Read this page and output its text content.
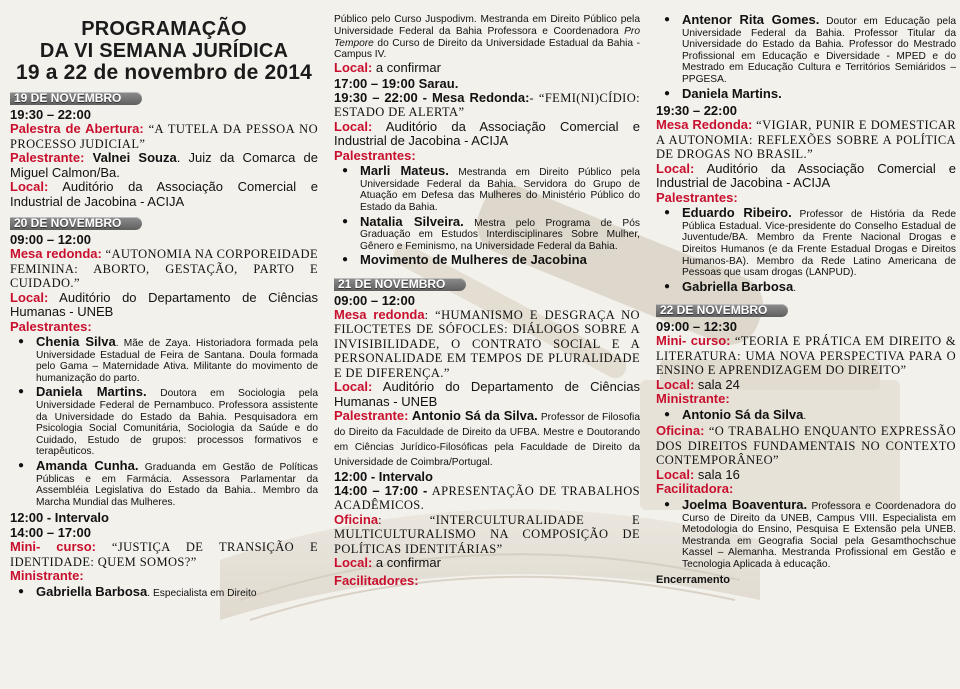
PROGRAMAÇÃO
DA VI SEMANA JURÍDICA
19 a 22 de novembro de 2014
19 DE NOVEMBRO
19:30 – 22:00

Palestra de Abertura: “A TUTELA DA PESSOA NO PROCESSO JUDICIAL”

Palestrante: Valnei Souza. Juiz da Comarca de Miguel Calmon/Ba.

Local: Auditório da Associação Comercial e Industrial de Jacobina - ACIJA

20 DE NOVEMBRO
09:00 – 12:00

Mesa redonda: “AUTONOMIA NA CORPOREIDADE FEMININA: ABORTO, GESTAÇÃO, PARTO E CUIDADO.”

Local: Auditório do Departamento de Ciências Humanas - UNEB

Palestrantes:
● Chenia Silva. Mãe de Zaya. Historiadora formada pela Universidade Estadual de Feira de Santana. Doula formada pelo Gama – Maternidade Ativa. Militante do movimento de humanização do parto.
● Daniela Martins. Doutora em Sociologia pela Universidade Federal de Pernambuco. Professora assistente da Universidade do Estado da Bahia. Pesquisadora em Psicologia Social Comunitária, Sociologia da Saúde e do Cuidado, Estudo de grupos: processos formativos e terapêuticos.
● Amanda Cunha. Graduanda em Gestão de Políticas Públicas e em Farmácia. Assessora Parlamentar da Assembléia Legislativa do Estado da Bahia.. Membro da Marcha Mundial das Mulheres.
12:00 - Intervalo
14:00 – 17:00

Mini- curso: “JUSTIÇA DE TRANSIÇÃO E IDENTIDADE: QUEM SOMOS?”

Ministrante:
● Gabriella Barbosa. Especialista em Direito

Público pelo Curso Juspodivm. Mestranda em Direito Público pela Universidade Federal da Bahia Professora e Coordenadora Pro Tempore do Curso de Direito da Universidade Estadual da Bahia - Campus IV.

Local: a confirmar

17:00 – 19:00 Sarau.

19:30 – 22:00 - Mesa Redonda:- “FEMI(NI)CÍDIO: ESTADO DE ALERTA”

Local: Auditório da Associação Comercial e Industrial de Jacobina - ACIJA

Palestrantes:
● Marli Mateus. Mestranda em Direito Público pela Universidade Federal da Bahia. Servidora do Grupo de Atuação em Defesa das Mulheres do Ministério Público do Estado da Bahia.
● Natalia Silveira. Mestra pelo Programa de Pós Graduação em Estudos Interdisciplinares Sobre Mulher, Gênero e Feminismo, na Universidade Federal da Bahia.
● Movimento de Mulheres de Jacobina
21 DE NOVEMBRO
09:00 – 12:00

Mesa redonda: “HUMANISMO E DESGRAÇA NO FILOCTETES DE SÓFOCLES: DIÁLOGOS SOBRE A INVISIBILIDADE, O CONTRATO SOCIAL E A PERSONALIDADE EM TEMPOS DE PLURALIDADE E DE DIFERENÇA.”

Local: Auditório do Departamento de Ciências Humanas - UNEB

Palestrante: Antonio Sá da Silva. Professor de Filosofia do Direito da Faculdade de Direito da UFBA. Mestre e Doutorando em Ciências Jurídico-Filosóficas pela Faculdade de Direito da Universidade de Coimbra/Portugal.

12:00 - Intervalo

14:00 – 17:00 - APRESENTAÇÃO DE TRABALHOS ACADÊMICOS.

Oficina: “INTERCULTURALIDADE E MULTICULTURALISMO NA COMPOSIÇÃO DE POLÍTICAS IDENTITÁRIAS”

Local: a confirmar

Facilitadores:
● Antenor Rita Gomes. Doutor em Educação pela Universidade Federal da Bahia. Professor Titular da Universidade do Estado da Bahia. Professor do Mestrado Profissional em Educação e Diversidade - MPED e do Mestrado em Educação Cultura e Territórios Semiáridos – PPGESA.
● Daniela Martins.
19:30 – 22:00

Mesa Redonda: “VIGIAR, PUNIR E DOMESTICAR A AUTONOMIA: REFLEXÕES SOBRE A POLÍTICA DE DROGAS NO BRASIL.”

Local: Auditório da Associação Comercial e Industrial de Jacobina - ACIJA

Palestrantes:
● Eduardo Ribeiro. Professor de História da Rede Pública Estadual. Vice-presidente do Conselho Estadual de Juventude/BA. Membro da Frente Nacional Drogas e Direitos Humanos (e da Frente Estadual Drogas e Direitos Humanos-BA). Membro da Rede Latino Americana de Pessoas que usam drogas (LANPUD).
● Gabriella Barbosa.
22 DE NOVEMBRO
09:00 – 12:30

Mini- curso: “TEORIA E PRÁTICA EM DIREITO & LITERATURA: UMA NOVA PERSPECTIVA PARA O ENSINO E APRENDIZAGEM DO DIREITO”

Local: sala 24

Ministrante:
● Antonio Sá da Silva.

Oficina: “O TRABALHO ENQUANTO EXPRESSÃO DOS DIREITOS FUNDAMENTAIS NO CONTEXTO CONTEMPORÂNEO”

Local: sala 16

Facilitadora:
● Joelma Boaventura. Professora e Coordenadora do Curso de Direito da UNEB, Campus VIII. Especialista em Metodologia do Ensino, Pesquisa E Extensão pela UNEB. Mestranda em Geografia Social pela Gesamthochschue Kassel – Alemanha. Mestranda Profissional em Gestão e Tecnologia Aplicada à educação.
Encerramento
